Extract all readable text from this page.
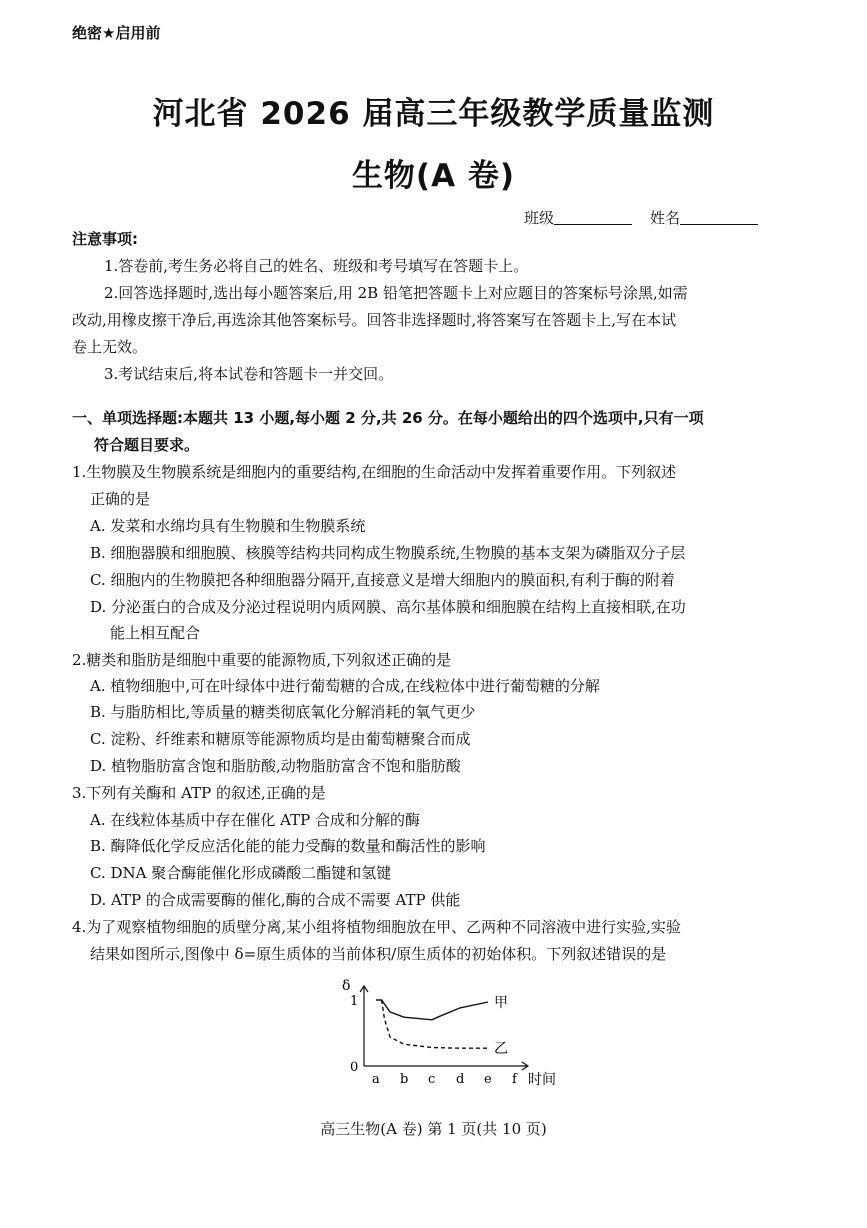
绝密★启用前
河北省 2026 届高三年级教学质量监测
生物(A 卷)
班级	姓名
注意事项:
1.答卷前,考生务必将自己的姓名、班级和考号填写在答题卡上。
2.回答选择题时,选出每小题答案后,用 2B 铅笔把答题卡上对应题目的答案标号涂黑,如需
改动,用橡皮擦干净后,再选涂其他答案标号。回答非选择题时,将答案写在答题卡上,写在本试
卷上无效。
3.考试结束后,将本试卷和答题卡一并交回。
一、单项选择题:本题共 13 小题,每小题 2 分,共 26 分。在每小题给出的四个选项中,只有一项
符合题目要求。
1.生物膜及生物膜系统是细胞内的重要结构,在细胞的生命活动中发挥着重要作用。下列叙述
正确的是
A. 发菜和水绵均具有生物膜和生物膜系统
B. 细胞器膜和细胞膜、核膜等结构共同构成生物膜系统,生物膜的基本支架为磷脂双分子层
C. 细胞内的生物膜把各种细胞器分隔开,直接意义是增大细胞内的膜面积,有利于酶的附着
D. 分泌蛋白的合成及分泌过程说明内质网膜、高尔基体膜和细胞膜在结构上直接相联,在功
能上相互配合
2.糖类和脂肪是细胞中重要的能源物质,下列叙述正确的是
A. 植物细胞中,可在叶绿体中进行葡萄糖的合成,在线粒体中进行葡萄糖的分解
B. 与脂肪相比,等质量的糖类彻底氧化分解消耗的氧气更少
C. 淀粉、纤维素和糖原等能源物质均是由葡萄糖聚合而成
D. 植物脂肪富含饱和脂肪酸,动物脂肪富含不饱和脂肪酸
3.下列有关酶和 ATP 的叙述,正确的是
A. 在线粒体基质中存在催化 ATP 合成和分解的酶
B. 酶降低化学反应活化能的能力受酶的数量和酶活性的影响
C. DNA 聚合酶能催化形成磷酸二酯键和氢键
D. ATP 的合成需要酶的催化,酶的合成不需要 ATP 供能
4.为了观察植物细胞的质壁分离,某小组将植物细胞放在甲、乙两种不同溶液中进行实验,实验
结果如图所示,图像中 δ=原生质体的当前体积/原生质体的初始体积。下列叙述错误的是
δ
时间
0
1
a b c d e f
甲
乙
高三生物(A 卷) 第 1 页(共 10 页)
